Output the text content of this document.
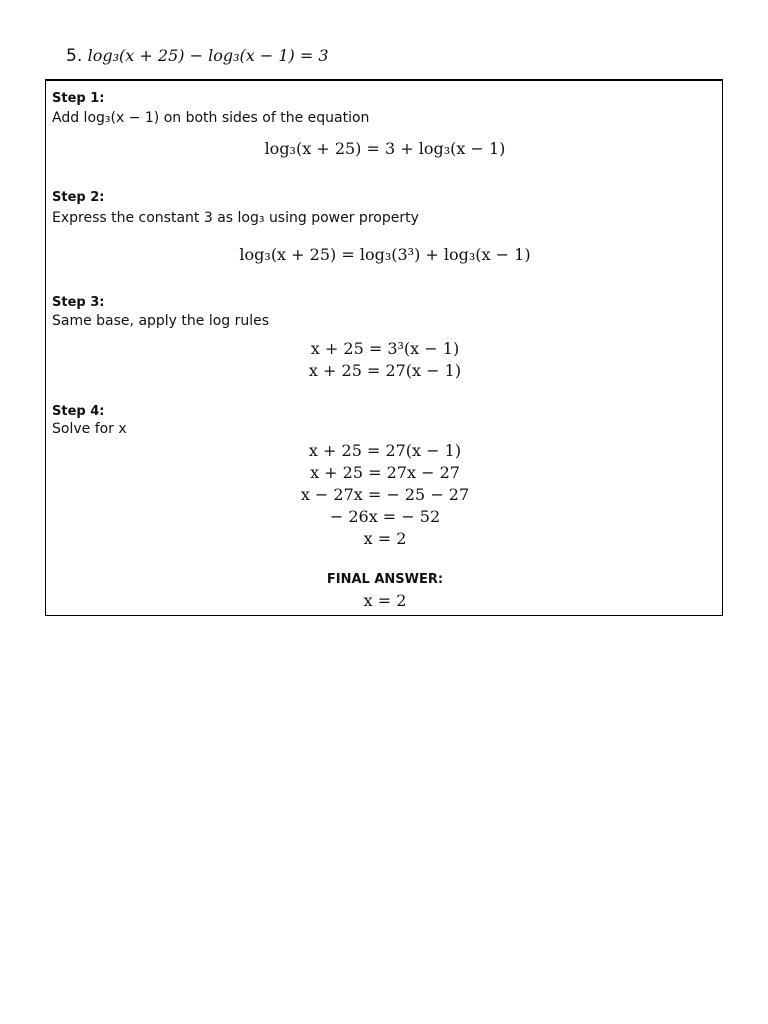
5. log₃(x + 25) − log₃(x − 1) = 3
Step 1:
Add log₃(x − 1) on both sides of the equation
log₃(x + 25) = 3 + log₃(x − 1)
Step 2:
Express the constant 3 as log₃ using power property
log₃(x + 25) = log₃(3³) + log₃(x − 1)
Step 3:
Same base, apply the log rules
x + 25 = 3³(x − 1)
x + 25 = 27(x − 1)
Step 4:
Solve for x
x + 25 = 27(x − 1)
x + 25 = 27x − 27
x − 27x = − 25 − 27
− 26x = − 52
x = 2
FINAL ANSWER:
x = 2
